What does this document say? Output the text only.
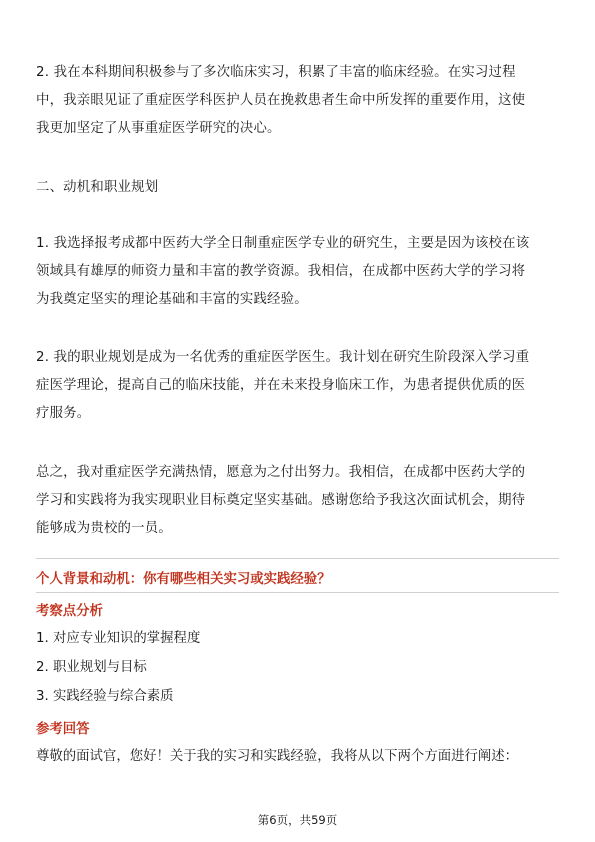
2. 我在本科期间积极参与了多次临床实习，积累了丰富的临床经验。在实习过程
中，我亲眼见证了重症医学科医护人员在挽救患者生命中所发挥的重要作用，这使
我更加坚定了从事重症医学研究的决心。
二、动机和职业规划
1. 我选择报考成都中医药大学全日制重症医学专业的研究生，主要是因为该校在该
领域具有雄厚的师资力量和丰富的教学资源。我相信，在成都中医药大学的学习将
为我奠定坚实的理论基础和丰富的实践经验。
2. 我的职业规划是成为一名优秀的重症医学医生。我计划在研究生阶段深入学习重
症医学理论，提高自己的临床技能，并在未来投身临床工作，为患者提供优质的医
疗服务。
总之，我对重症医学充满热情，愿意为之付出努力。我相信，在成都中医药大学的
学习和实践将为我实现职业目标奠定坚实基础。感谢您给予我这次面试机会，期待
能够成为贵校的一员。
个人背景和动机：你有哪些相关实习或实践经验？
考察点分析
1. 对应专业知识的掌握程度
2. 职业规划与目标
3. 实践经验与综合素质
参考回答
尊敬的面试官，您好！关于我的实习和实践经验，我将从以下两个方面进行阐述：
第6页，共59页
